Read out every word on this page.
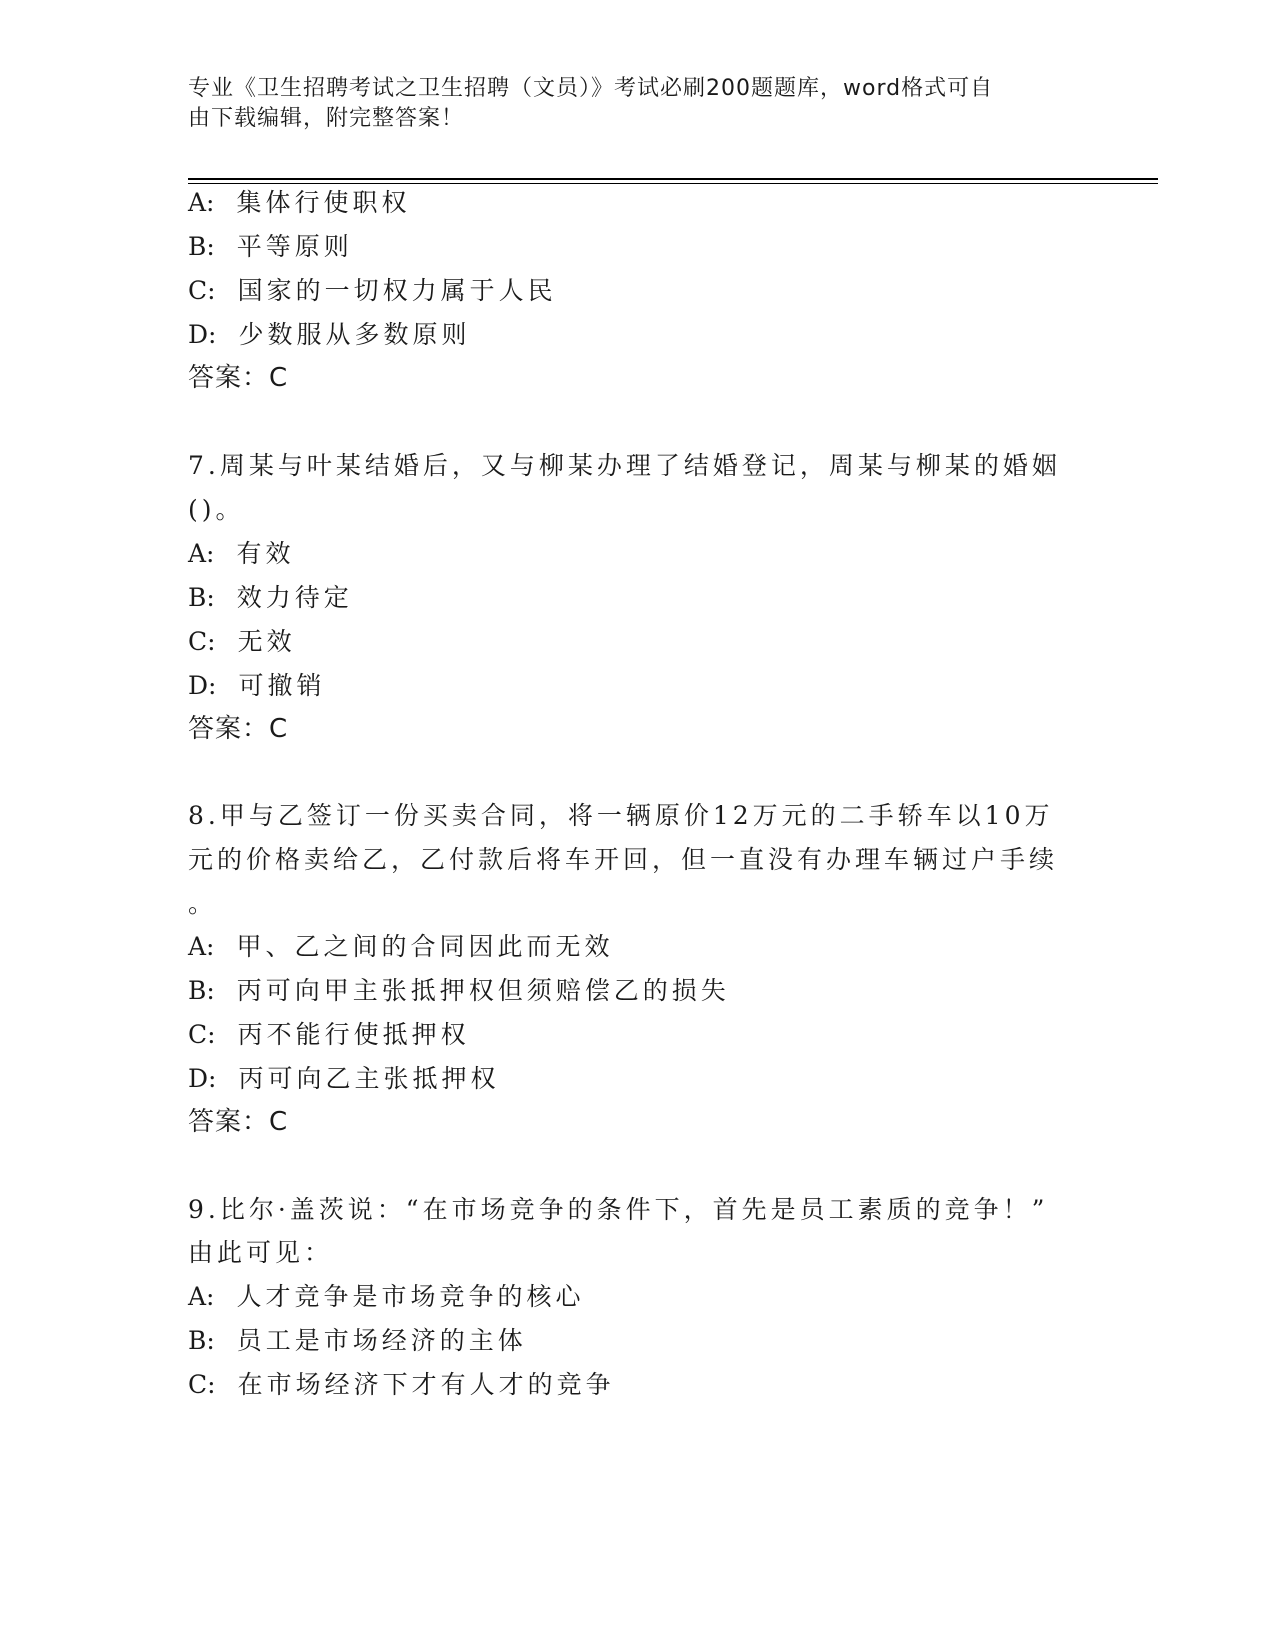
专业《卫生招聘考试之卫生招聘（文员）》考试必刷200题题库，word格式可自
由下载编辑，附完整答案！
A: 集体行使职权
B: 平等原则
C: 国家的一切权力属于人民
D: 少数服从多数原则
答案：C
7.周某与叶某结婚后，又与柳某办理了结婚登记，周某与柳某的婚姻
()。
A: 有效
B: 效力待定
C: 无效
D: 可撤销
答案：C
8.甲与乙签订一份买卖合同，将一辆原价12万元的二手轿车以10万
元的价格卖给乙，乙付款后将车开回，但一直没有办理车辆过户手续
。
A: 甲、乙之间的合同因此而无效
B: 丙可向甲主张抵押权但须赔偿乙的损失
C: 丙不能行使抵押权
D: 丙可向乙主张抵押权
答案：C
9.比尔·盖茨说：“在市场竞争的条件下，首先是员工素质的竞争！”
由此可见：
A: 人才竞争是市场竞争的核心
B: 员工是市场经济的主体
C: 在市场经济下才有人才的竞争
